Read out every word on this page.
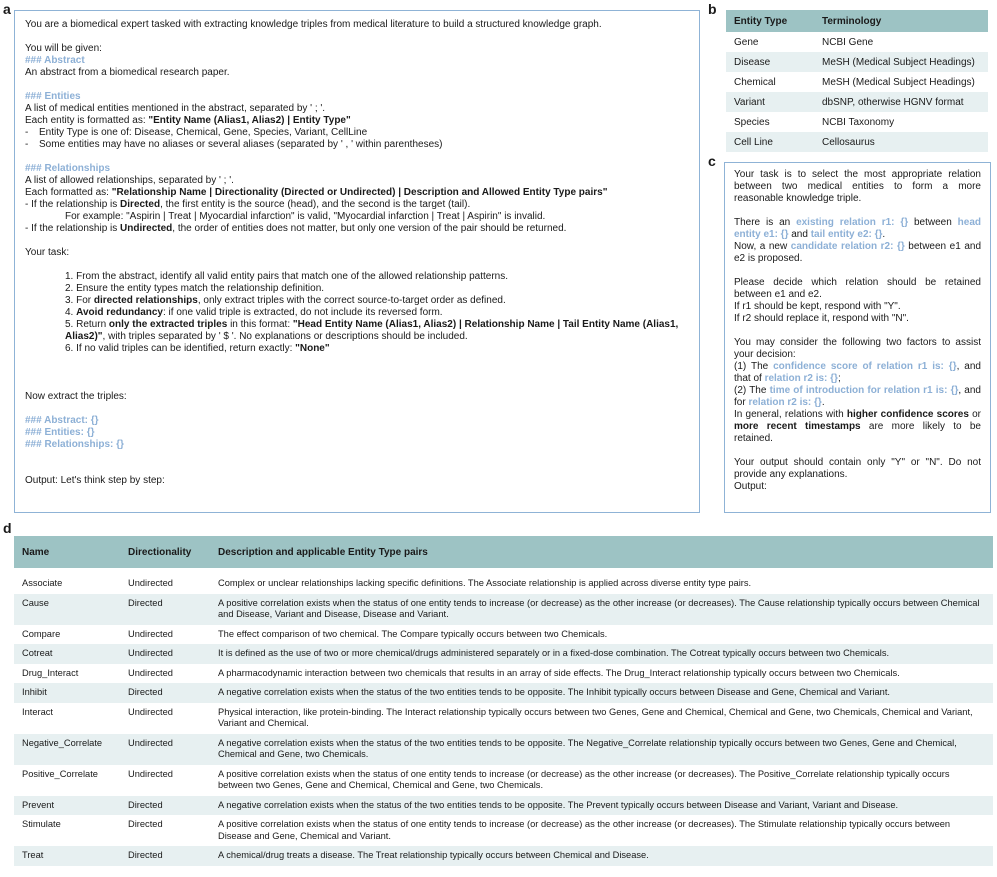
a	b
c
d
You are a biomedical expert tasked with extracting knowledge triples from medical literature to build a structured knowledge graph.
You will be given:
### Abstract
An abstract from a biomedical research paper.
### Entities
A list of medical entities mentioned in the abstract, separated by ' ; '.
Each entity is formatted as: "Entity Name (Alias1, Alias2) | Entity Type"
-	Entity Type is one of: Disease, Chemical, Gene, Species, Variant, CellLine
-	Some entities may have no aliases or several aliases (separated by ' , ' within parentheses)
### Relationships
A list of allowed relationships, separated by ' ; '.
Each formatted as: "Relationship Name | Directionality (Directed or Undirected) | Description and Allowed Entity Type pairs"
- If the relationship is Directed, the first entity is the source (head), and the second is the target (tail).
For example: "Aspirin | Treat | Myocardial infarction" is valid, "Myocardial infarction | Treat | Aspirin" is invalid.
- If the relationship is Undirected, the order of entities does not matter, but only one version of the pair should be returned.
Your task:
1. From the abstract, identify all valid entity pairs that match one of the allowed relationship patterns.
2. Ensure the entity types match the relationship definition.
3. For directed relationships, only extract triples with the correct source-to-target order as defined.
4. Avoid redundancy: if one valid triple is extracted, do not include its reversed form.
5. Return only the extracted triples in this format: "Head Entity Name (Alias1, Alias2) | Relationship Name | Tail Entity Name (Alias1, Alias2)", with triples separated by ' $ '. No explanations or descriptions should be included.
6. If no valid triples can be identified, return exactly: "None"
Now extract the triples:
### Abstract: {}
### Entities: {}
### Relationships: {}
Output: Let's think step by step:
Entity Type	Terminology
Gene	NCBI Gene
Disease	MeSH (Medical Subject Headings)
Chemical	MeSH (Medical Subject Headings)
Variant	dbSNP, otherwise HGNV format
Species	NCBI Taxonomy
Cell Line	Cellosaurus
Your task is to select the most appropriate relation between two medical entities to form a more reasonable knowledge triple.
There is an existing relation r1: {} between head entity e1: {} and tail entity e2: {}.
Now, a new candidate relation r2: {} between e1 and e2 is proposed.
Please decide which relation should be retained between e1 and e2.
If r1 should be kept, respond with "Y".
If r2 should replace it, respond with "N".
You may consider the following two factors to assist your decision:
(1) The confidence score of relation r1 is: {}, and that of relation r2 is: {};
(2) The time of introduction for relation r1 is: {}, and for relation r2 is: {}.
In general, relations with higher confidence scores or more recent timestamps are more likely to be retained.
Your output should contain only "Y" or "N". Do not provide any explanations.
Output:
Name	Directionality	Description and applicable Entity Type pairs

Associate	Undirected	Complex or unclear relationships lacking specific definitions. The Associate relationship is applied across diverse entity type pairs.
Cause	Directed	A positive correlation exists when the status of one entity tends to increase (or decrease) as the other increase (or decreases). The Cause relationship typically occurs between Chemical and Disease, Variant and Disease, Disease and Variant.
Compare	Undirected	The effect comparison of two chemical. The Compare typically occurs between two Chemicals.
Cotreat	Undirected	It is defined as the use of two or more chemical/drugs administered separately or in a fixed-dose combination. The Cotreat typically occurs between two Chemicals.
Drug_Interact	Undirected	A pharmacodynamic interaction between two chemicals that results in an array of side effects. The Drug_Interact relationship typically occurs between two Chemicals.
Inhibit	Directed	A negative correlation exists when the status of the two entities tends to be opposite. The Inhibit typically occurs between Disease and Gene, Chemical and Variant.
Interact	Undirected	Physical interaction, like protein-binding. The Interact relationship typically occurs between two Genes, Gene and Chemical, Chemical and Gene, two Chemicals, Chemical and Variant, Variant and Chemical.
Negative_Correlate	Undirected	A negative correlation exists when the status of the two entities tends to be opposite. The Negative_Correlate relationship typically occurs between two Genes, Gene and Chemical, Chemical and Gene, two Chemicals.
Positive_Correlate	Undirected	A positive correlation exists when the status of one entity tends to increase (or decrease) as the other increase (or decreases). The Positive_Correlate relationship typically occurs between two Genes, Gene and Chemical, Chemical and Gene, two Chemicals.
Prevent	Directed	A negative correlation exists when the status of the two entities tends to be opposite. The Prevent typically occurs between Disease and Variant, Variant and Disease.
Stimulate	Directed	A positive correlation exists when the status of one entity tends to increase (or decrease) as the other increase (or decreases). The Stimulate relationship typically occurs between Disease and Gene, Chemical and Variant.
Treat	Directed	A chemical/drug treats a disease. The Treat relationship typically occurs between Chemical and Disease.
